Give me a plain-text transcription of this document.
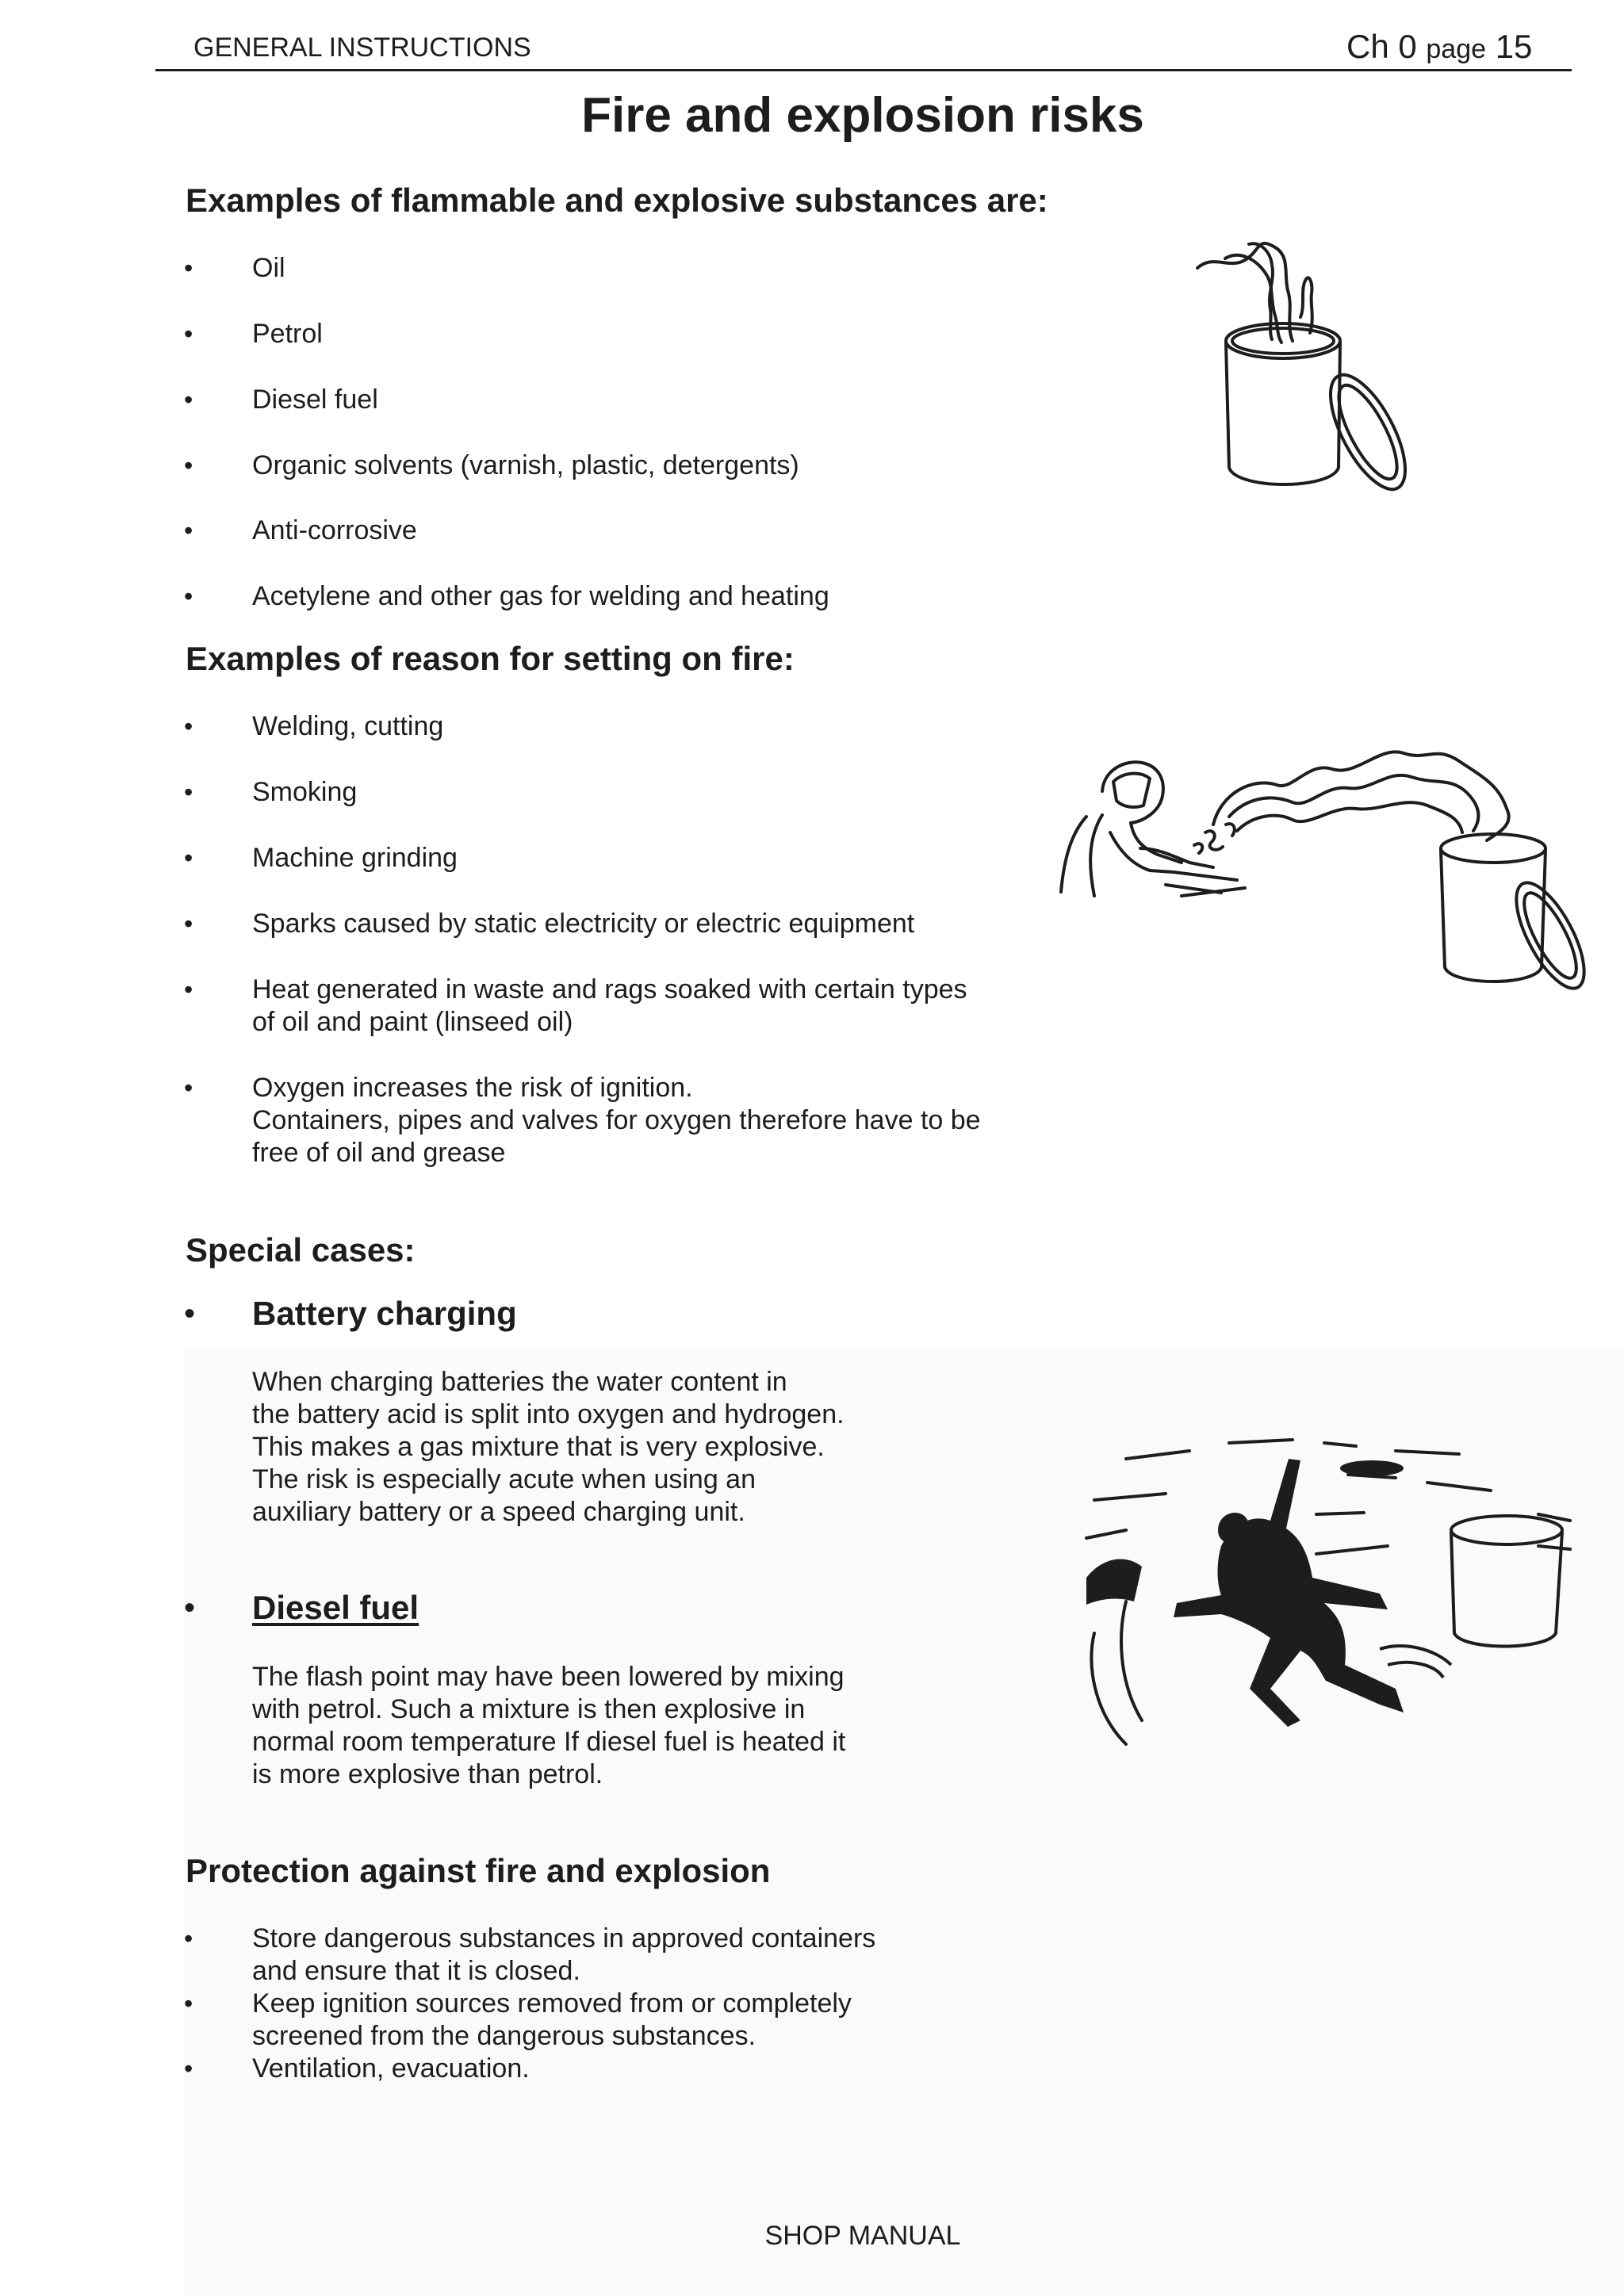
GENERAL INSTRUCTIONS	Ch 0 page 15
Fire and explosion risks
Examples of flammable and explosive substances are:
• Oil
• Petrol
• Diesel fuel
• Organic solvents (varnish, plastic, detergents)
• Anti-corrosive
• Acetylene and other gas for welding and heating
Examples of reason for setting on fire:
• Welding, cutting
• Smoking
• Machine grinding
• Sparks caused by static electricity or electric equipment
• Heat generated in waste and rags soaked with certain types
of oil and paint (linseed oil)
• Oxygen increases the risk of ignition.
Containers, pipes and valves for oxygen therefore have to be
free of oil and grease
Special cases:
• Battery charging
When charging batteries the water content in
the battery acid is split into oxygen and hydrogen.
This makes a gas mixture that is very explosive.
The risk is especially acute when using an
auxiliary battery or a speed charging unit.
• Diesel fuel
The flash point may have been lowered by mixing
with petrol. Such a mixture is then explosive in
normal room temperature If diesel fuel is heated it
is more explosive than petrol.
Protection against fire and explosion
• Store dangerous substances in approved containers
and ensure that it is closed.
• Keep ignition sources removed from or completely
screened from the dangerous substances.
• Ventilation, evacuation.
SHOP MANUAL
